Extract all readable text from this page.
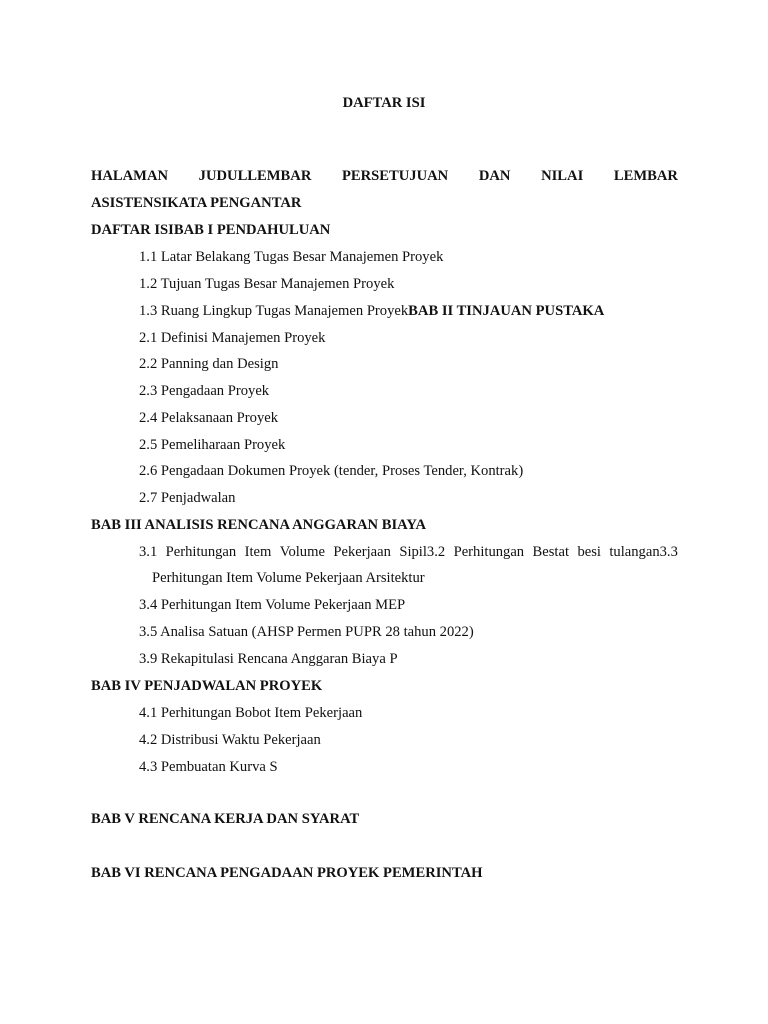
DAFTAR ISI
HALAMAN JUDULLEMBAR PERSETUJUAN DAN NILAI LEMBAR
ASISTENSIKATA PENGANTAR
DAFTAR ISIBAB I PENDAHULUAN
1.1 Latar Belakang Tugas Besar Manajemen Proyek
1.2 Tujuan Tugas Besar Manajemen Proyek
1.3 Ruang Lingkup Tugas Manajemen ProyekBAB II TINJAUAN PUSTAKA
2.1 Definisi Manajemen Proyek
2.2 Panning dan Design
2.3 Pengadaan Proyek
2.4 Pelaksanaan Proyek
2.5 Pemeliharaan Proyek
2.6 Pengadaan Dokumen Proyek (tender, Proses Tender, Kontrak)
2.7 Penjadwalan
BAB III ANALISIS RENCANA ANGGARAN BIAYA
3.1 Perhitungan Item Volume Pekerjaan Sipil3.2 Perhitungan Bestat besi tulangan3.3
Perhitungan Item Volume Pekerjaan Arsitektur
3.4 Perhitungan Item Volume Pekerjaan MEP
3.5 Analisa Satuan (AHSP Permen PUPR 28 tahun 2022)
3.9 Rekapitulasi Rencana Anggaran Biaya P
BAB IV PENJADWALAN PROYEK
4.1 Perhitungan Bobot Item Pekerjaan
4.2 Distribusi Waktu Pekerjaan
4.3 Pembuatan Kurva S
BAB V RENCANA KERJA DAN SYARAT
BAB VI RENCANA PENGADAAN PROYEK PEMERINTAH
